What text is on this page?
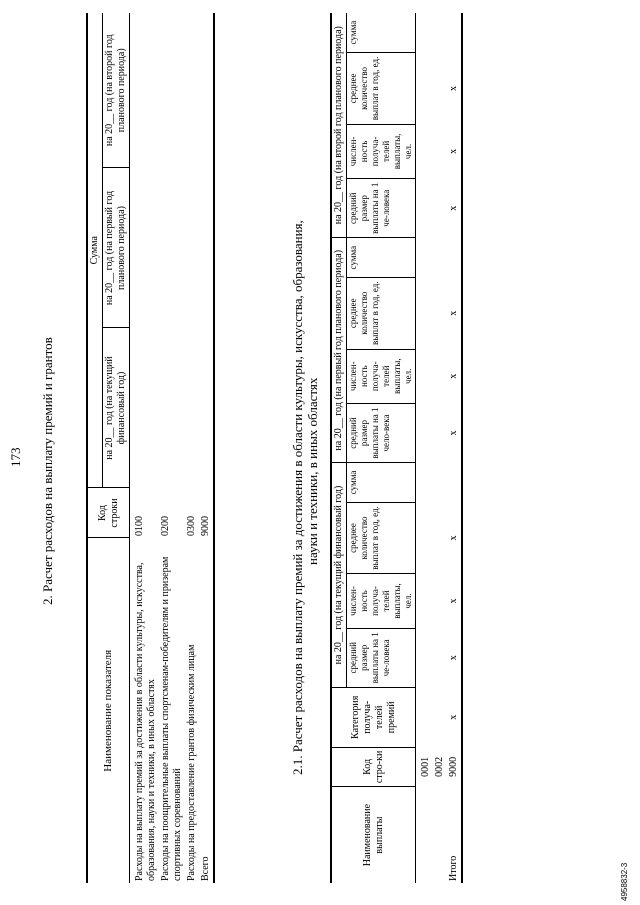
173 2. Расчет расходов на выплату премий и грантов
Наименование показателя	Код строки	Сумма		
		на 20__ год (на текущий финансовый год)	на 20__ год (на первый год планового периода)	на 20__ год (на второй год планового периода)
Расходы на выплату премий за достижения в области культуры, искусства, образования, науки и техники, в иных областях	0100			
Расходы на поощрительные выплаты спортсменам-победителям и призерам спортивных соревнований	0200			
Расходы на предоставление грантов физическим лицам	0300			
Всего	9000				2.1. Расчет расходов на выплату премий за достижения в области культуры, искусства, образования, науки и техники, в иных областях
Наименование выплаты	Код стро-ки	Категория получа-телей премий	на 20__ год (на текущий финансовый год)				на 20__ год (на первый год планового периода)				на 20__ год (на второй год планового периода)			
			средний размер выплаты на 1 че-ловека	числен-ность получа-телей выплаты, чел.	среднее количество выплат в год, ед.	сумма	средний размер выплаты на 1 чело-века	числен-ность получа-телей выплаты, чел.	среднее количество выплат в год, ед.	сумма	средний размер выплаты на 1 че-ловека	числен-ность получа-телей выплаты, чел.	среднее количество выплат в год, ед.	сумма
	0001													
	0002													
Итого	9000	x	x	x	x		x	x	x		x	x	x	
4958832-3
